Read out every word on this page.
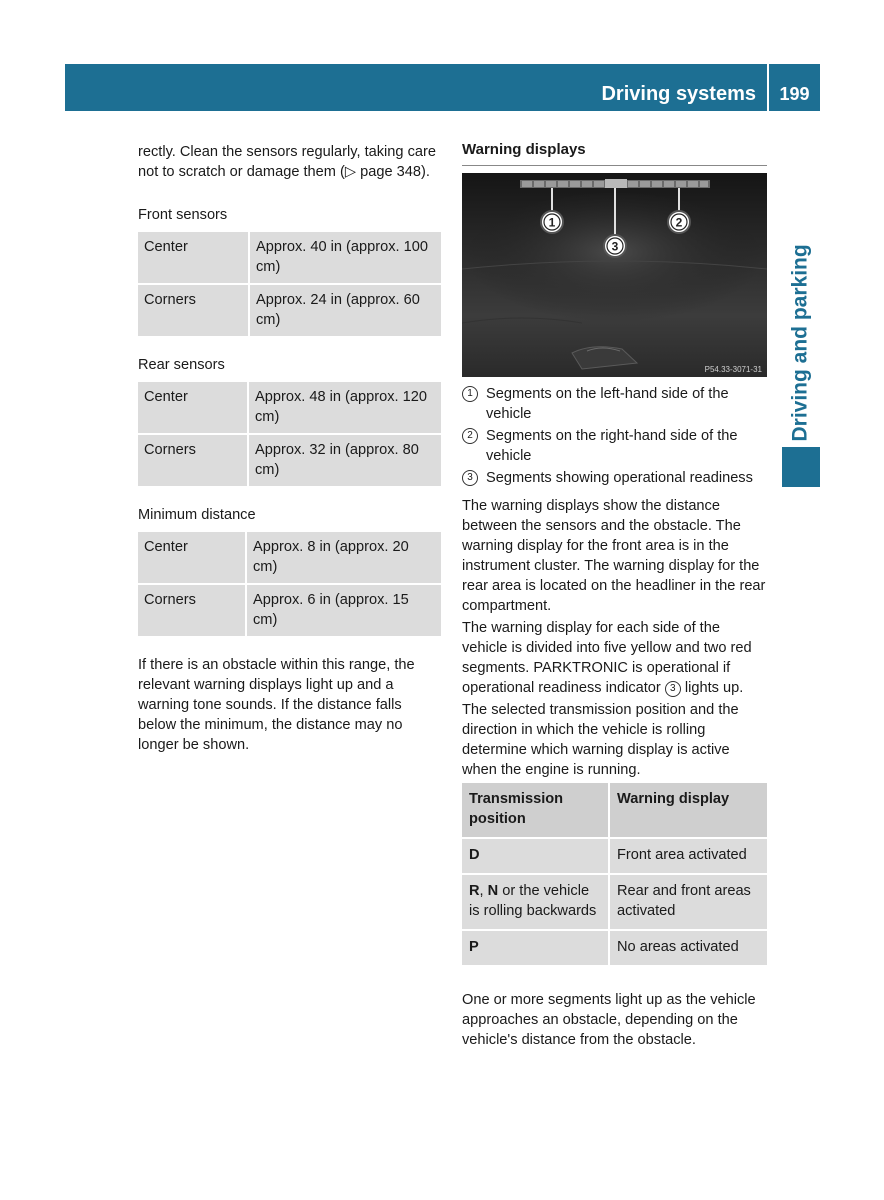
Driving systems	199
Driving and parking

rectly. Clean the sensors regularly, taking care not to scratch or damage them (▷ page 348).

Front sensors

Center	Approx. 40 in (approx. 100 cm)
Corners	Approx. 24 in (approx. 60 cm)

Rear sensors

Center	Approx. 48 in (approx. 120 cm)
Corners	Approx. 32 in (approx. 80 cm)

Minimum distance

Center	Approx. 8 in (approx. 20 cm)
Corners	Approx. 6 in (approx. 15 cm)

If there is an obstacle within this range, the relevant warning displays light up and a warning tone sounds. If the distance falls below the minimum, the distance may no longer be shown.

Warning displays
1	2
3
P54.33-3071-31
1 Segments on the left-hand side of the vehicle
2 Segments on the right-hand side of the vehicle
3 Segments showing operational readiness

The warning displays show the distance between the sensors and the obstacle. The warning display for the front area is in the instrument cluster. The warning display for the rear area is located on the headliner in the rear compartment.

The warning display for each side of the vehicle is divided into five yellow and two red segments. PARKTRONIC is operational if operational readiness indicator 3 lights up.

The selected transmission position and the direction in which the vehicle is rolling determine which warning display is active when the engine is running.

Transmission position	Warning display
D	Front area activated
R, N or the vehicle is rolling backwards	Rear and front areas activated
P	No areas activated

One or more segments light up as the vehicle approaches an obstacle, depending on the vehicle's distance from the obstacle.
